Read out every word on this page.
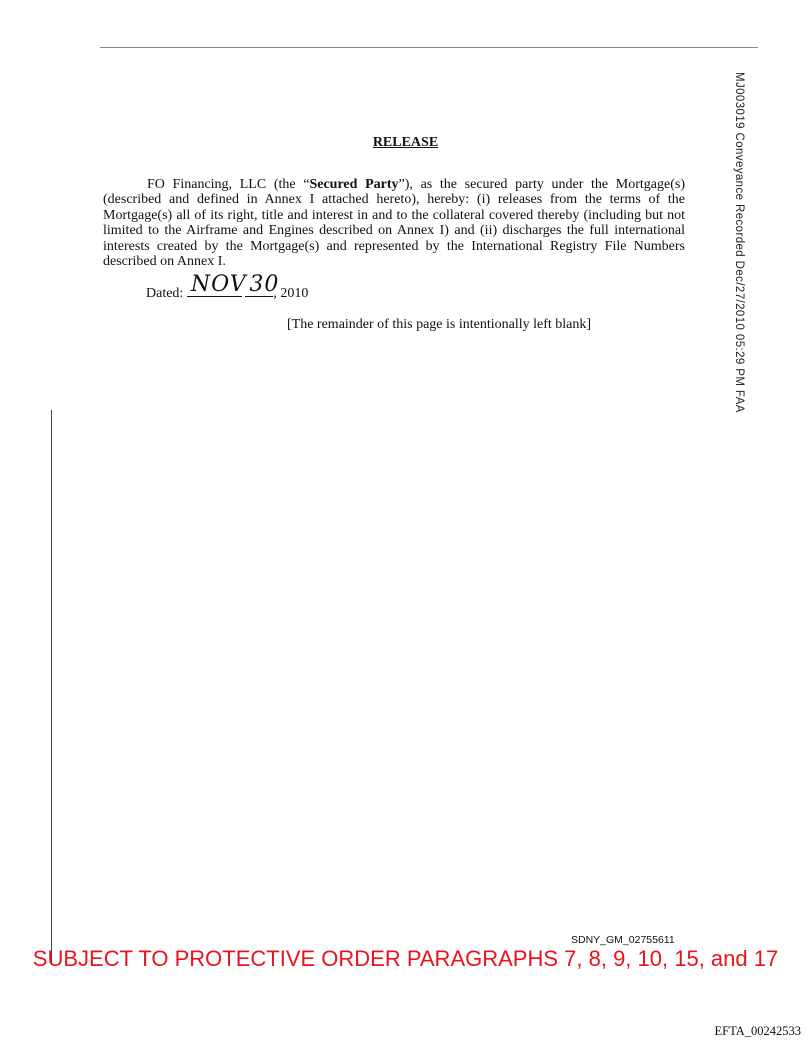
MJ003019 Conveyance Recorded Dec/27/2010 05:29 PM FAA
RELEASE

FO Financing, LLC (the “Secured Party”), as the secured party under the Mortgage(s) (described and defined in Annex I attached hereto), hereby: (i) releases from the terms of the Mortgage(s) all of its right, title and interest in and to the collateral covered thereby (including but not limited to the Airframe and Engines described on Annex I) and (ii) discharges the full international interests created by the Mortgage(s) and represented by the International Registry File Numbers described on Annex I.

Dated: NOV
30
, 2010
[The remainder of this page is intentionally left blank]
SDNY_GM_02755611
SUBJECT TO PROTECTIVE ORDER PARAGRAPHS 7, 8, 9, 10, 15, and 17
EFTA_00242533
